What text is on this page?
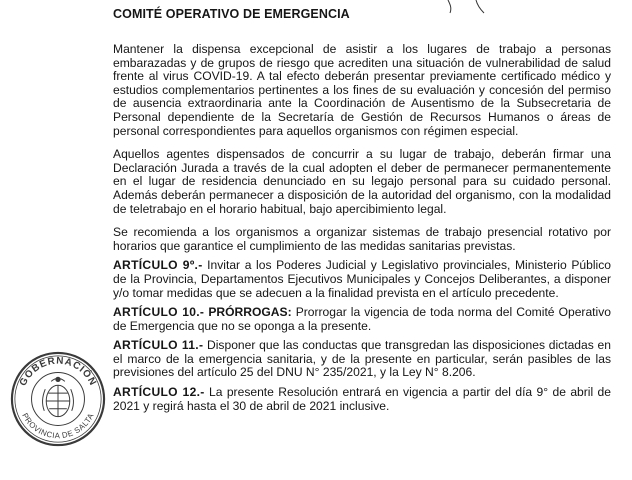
COMITÉ OPERATIVO DE EMERGENCIA

Mantener la dispensa excepcional de asistir a los lugares de trabajo a personas embarazadas y de grupos de riesgo que acrediten una situación de vulnerabilidad de salud frente al virus COVID-19. A tal efecto deberán presentar previamente certificado médico y estudios complementarios pertinentes a los fines de su evaluación y concesión del permiso de ausencia extraordinaria ante la Coordinación de Ausentismo de la Subsecretaria de Personal dependiente de la Secretaría de Gestión de Recursos Humanos o áreas de personal correspondientes para aquellos organismos con régimen especial.

Aquellos agentes dispensados de concurrir a su lugar de trabajo, deberán firmar una Declaración Jurada a través de la cual adopten el deber de permanecer permanentemente en el lugar de residencia denunciado en su legajo personal para su cuidado personal. Además deberán permanecer a disposición de la autoridad del organismo, con la modalidad de teletrabajo en el horario habitual, bajo apercibimiento legal.

Se recomienda a los organismos a organizar sistemas de trabajo presencial rotativo por horarios que garantice el cumplimiento de las medidas sanitarias previstas.

ARTÍCULO 9º.- Invitar a los Poderes Judicial y Legislativo provinciales, Ministerio Público de la Provincia, Departamentos Ejecutivos Municipales y Concejos Deliberantes, a disponer y/o tomar medidas que se adecuen a la finalidad prevista en el artículo precedente.

ARTÍCULO 10.- PRÓRROGAS: Prorrogar la vigencia de toda norma del Comité Operativo de Emergencia que no se oponga a la presente.

ARTÍCULO 11.- Disponer que las conductas que transgredan las disposiciones dictadas en el marco de la emergencia sanitaria, y de la presente en particular, serán pasibles de las previsiones del artículo 25 del DNU N° 235/2021, y la Ley N° 8.206.

ARTÍCULO 12.- La presente Resolución entrará en vigencia a partir del día 9° de abril de 2021 y regirá hasta el 30 de abril de 2021 inclusive.

GOBERNACIÓN
PROVINCIA DE SALTA
